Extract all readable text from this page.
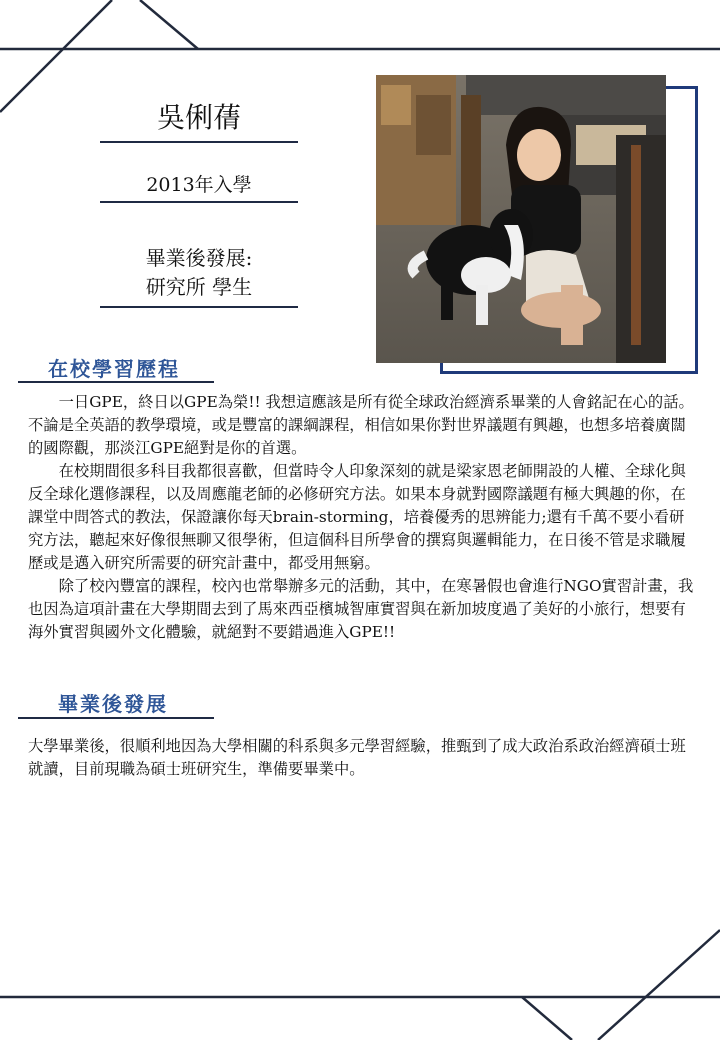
吳俐蒨
2013年入學
畢業後發展:
研究所 學生
在校學習歷程

一日GPE，終日以GPE為榮!! 我想這應該是所有從全球政治經濟系畢業的人會銘記在心的話。不論是全英語的教學環境，或是豐富的課綱課程，相信如果你對世界議題有興趣，也想多培養廣闊的國際觀，那淡江GPE絕對是你的首選。

在校期間很多科目我都很喜歡，但當時令人印象深刻的就是梁家恩老師開設的人權、全球化與反全球化選修課程，以及周應龍老師的必修研究方法。如果本身就對國際議題有極大興趣的你，在課堂中問答式的教法，保證讓你每天brain-storming，培養優秀的思辨能力;還有千萬不要小看研究方法，聽起來好像很無聊又很學術，但這個科目所學會的撰寫與邏輯能力，在日後不管是求職履歷或是邁入研究所需要的研究計畫中，都受用無窮。

除了校內豐富的課程，校內也常舉辦多元的活動，其中，在寒暑假也會進行NGO實習計畫，我也因為這項計畫在大學期間去到了馬來西亞檳城智庫實習與在新加坡度過了美好的小旅行，想要有海外實習與國外文化體驗，就絕對不要錯過進入GPE!!

畢業後發展

大學畢業後，很順利地因為大學相關的科系與多元學習經驗，推甄到了成大政治系政治經濟碩士班就讀，目前現職為碩士班研究生，準備要畢業中。
